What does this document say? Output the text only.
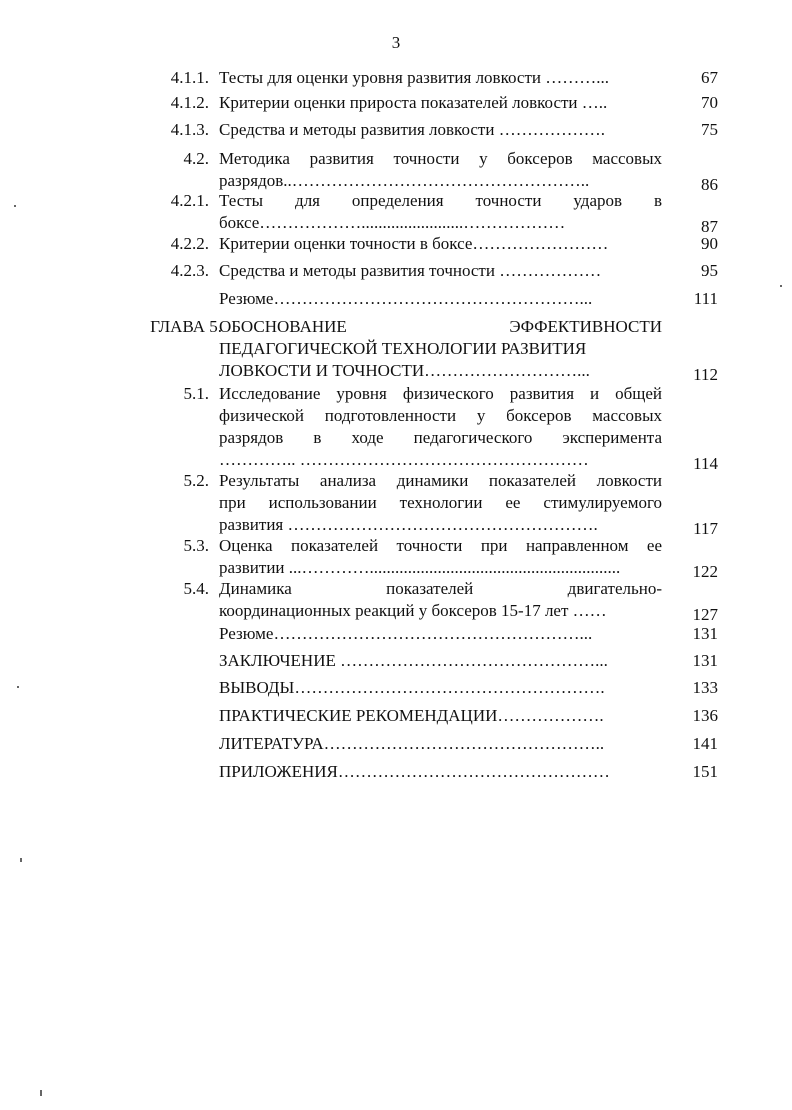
3
4.1.1. Тесты для оценки уровня развития ловкости ………...	67
4.1.2. Критерии оценки прироста показателей ловкости …..	70
4.1.3. Средства и методы развития ловкости ……………….	75
4.2. Методика развития точности у боксеров массовых
разрядов..……………………………………………..	86
4.2.1. Тесты для определения точности ударов в
боксе………………........................………………	87
4.2.2. Критерии оценки точности в боксе……………………	90
4.2.3. Средства и методы развития точности ………………	95
Резюме………………………………………………...	111
ГЛАВА 5.
ОБОСНОВАНИЕ ЭФФЕКТИВНОСТИ
ПЕДАГОГИЧЕСКОЙ ТЕХНОЛОГИИ РАЗВИТИЯ
ЛОВКОСТИ И ТОЧНОСТИ………………………...	112
5.1. Исследование уровня физического развития и общей
физической подготовленности у боксеров массовых
разрядов в ходе педагогического эксперимента
………….. ……………………………………………	114
5.2. Результаты анализа динамики показателей ловкости
при использовании технологии ее стимулируемого
развития ……………………………………………….	117
5.3. Оценка показателей точности при направленном ее
развитии ...…………...........................................................	122
5.4. Динамика показателей двигательно-
координационных реакций у боксеров 15-17 лет ……	127
Резюме………………………………………………...	131
ЗАКЛЮЧЕНИЕ ………………………………………...	131
ВЫВОДЫ……………………………………………….	133
ПРАКТИЧЕСКИЕ РЕКОМЕНДАЦИИ……………….	136
ЛИТЕРАТУРА…………………………………………..	141
ПРИЛОЖЕНИЯ…………………………………………	151
